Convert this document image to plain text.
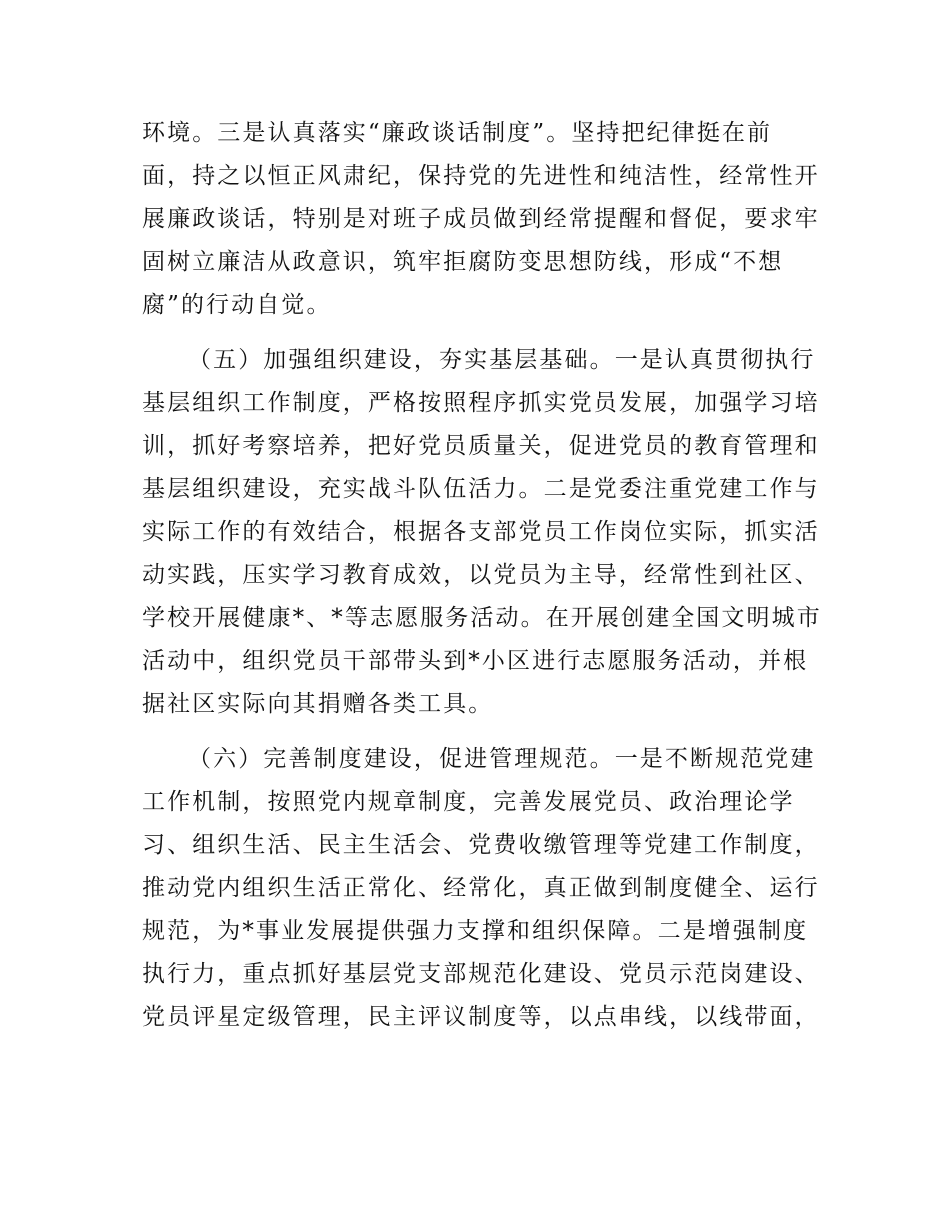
环境。三是认真落实“廉政谈话制度”。坚持把纪律挺在前
面，持之以恒正风肃纪，保持党的先进性和纯洁性，经常性开
展廉政谈话，特别是对班子成员做到经常提醒和督促，要求牢
固树立廉洁从政意识，筑牢拒腐防变思想防线，形成“不想
腐”的行动自觉。
（五）加强组织建设，夯实基层基础。一是认真贯彻执行
基层组织工作制度，严格按照程序抓实党员发展，加强学习培
训，抓好考察培养，把好党员质量关，促进党员的教育管理和
基层组织建设，充实战斗队伍活力。二是党委注重党建工作与
实际工作的有效结合，根据各支部党员工作岗位实际，抓实活
动实践，压实学习教育成效，以党员为主导，经常性到社区、
学校开展健康*、*等志愿服务活动。在开展创建全国文明城市
活动中，组织党员干部带头到*小区进行志愿服务活动，并根
据社区实际向其捐赠各类工具。
（六）完善制度建设，促进管理规范。一是不断规范党建
工作机制，按照党内规章制度，完善发展党员、政治理论学
习、组织生活、民主生活会、党费收缴管理等党建工作制度，
推动党内组织生活正常化、经常化，真正做到制度健全、运行
规范，为*事业发展提供强力支撑和组织保障。二是增强制度
执行力，重点抓好基层党支部规范化建设、党员示范岗建设、
党员评星定级管理，民主评议制度等，以点串线，以线带面，
